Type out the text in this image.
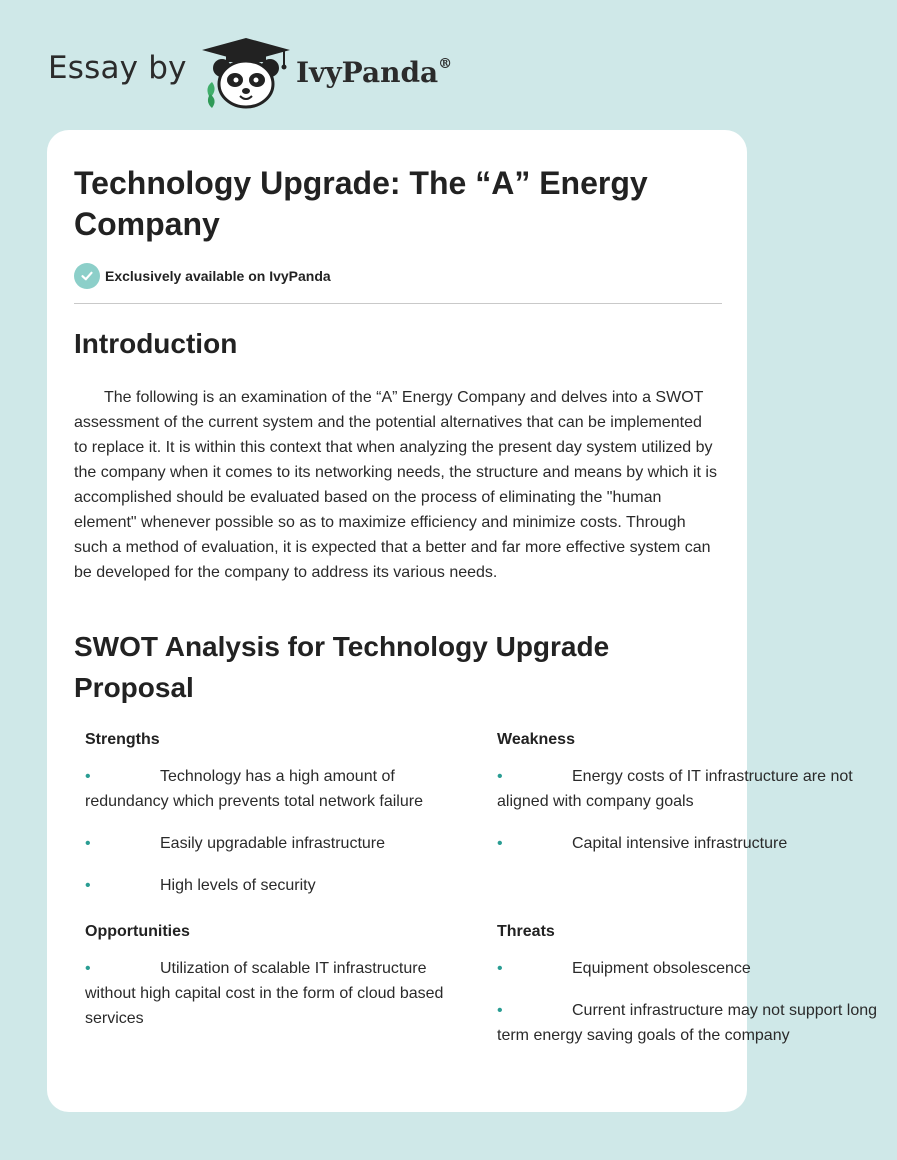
Essay by	IvyPanda®
Technology Upgrade: The “A” Energy Company
Exclusively available on IvyPanda
Introduction

The following is an examination of the “A” Energy Company and delves into a SWOT assessment of the current system and the potential alternatives that can be implemented to replace it. It is within this context that when analyzing the present day system utilized by the company when it comes to its networking needs, the structure and means by which it is accomplished should be evaluated based on the process of eliminating the "human element" whenever possible so as to maximize efficiency and minimize costs. Through such a method of evaluation, it is expected that a better and far more effective system can be developed for the company to address its various needs.

SWOT Analysis for Technology Upgrade Proposal
Strengths
•	Technology has a high amount of redundancy which prevents total network failure
•	Easily upgradable infrastructure
•	High levels of security
Weakness
•	Energy costs of IT infrastructure are not aligned with company goals
•	Capital intensive infrastructure
Opportunities
•	Utilization of scalable IT infrastructure without high capital cost in the form of cloud based services
Threats
•	Equipment obsolescence
•	Current infrastructure may not support long term energy saving goals of the company
